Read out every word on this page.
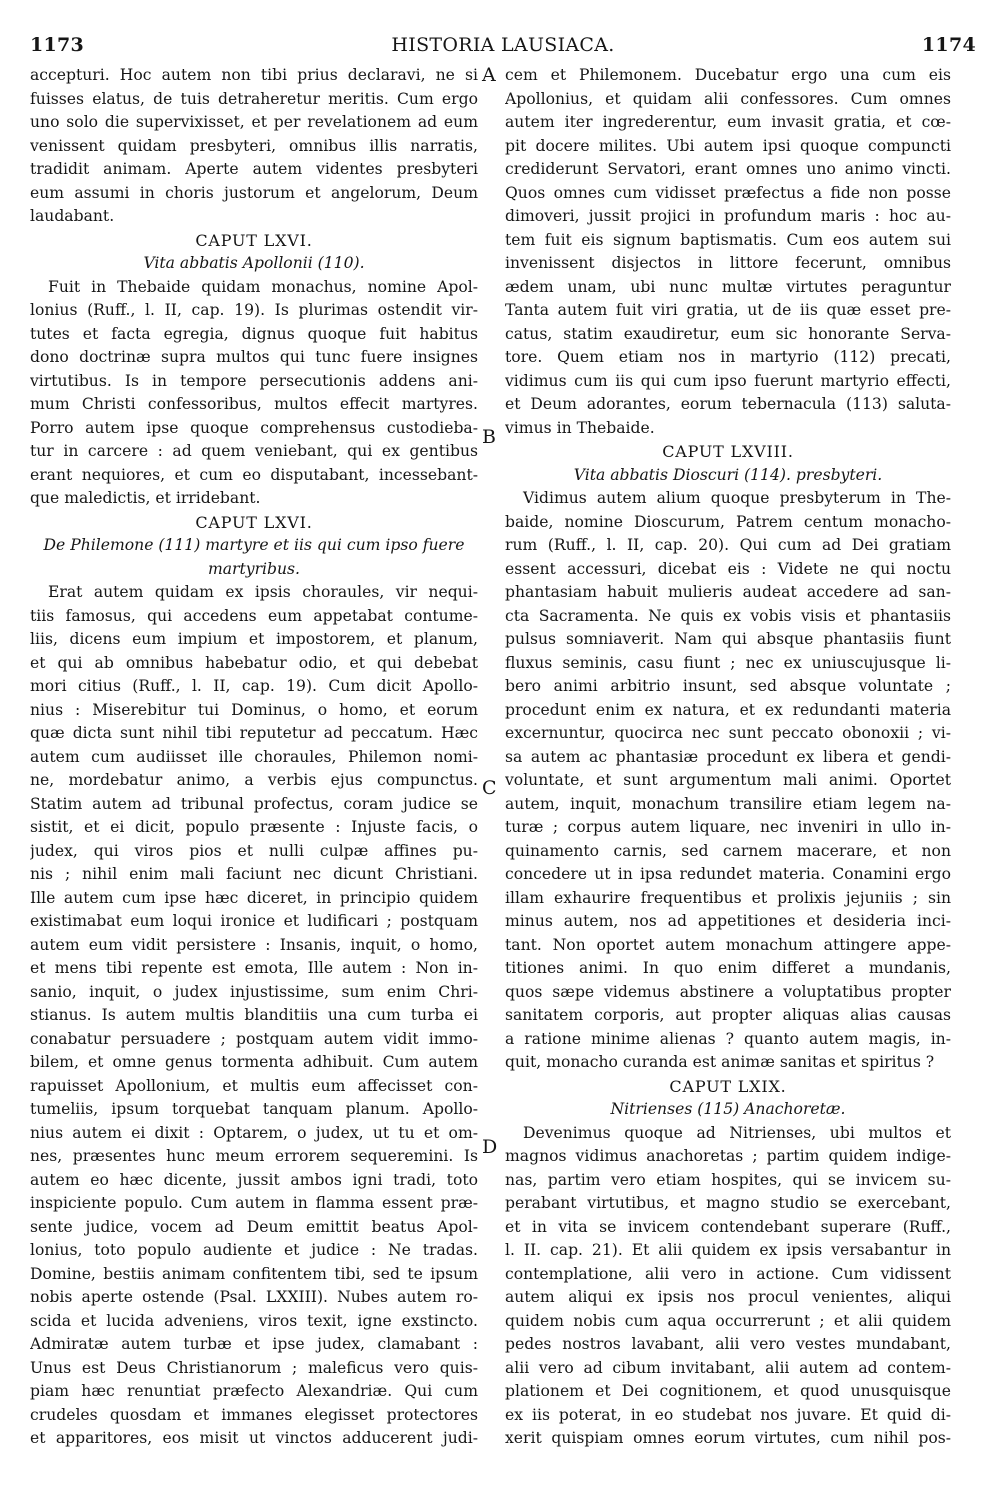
1173	HISTORIA LAUSIACA.	1174
accepturi. Hoc autem non tibi prius declaravi, ne si
fuisses elatus, de tuis detraheretur meritis. Cum ergo
uno solo die supervixisset, et per revelationem ad eum
venissent quidam presbyteri, omnibus illis narratis,
tradidit animam. Aperte autem videntes presbyteri
eum assumi in choris justorum et angelorum, Deum
laudabant.
CAPUT LXVI.
Vita abbatis Apollonii (110).
Fuit in Thebaide quidam monachus, nomine Apol-
lonius (Ruff., l. II, cap. 19). Is plurimas ostendit vir-
tutes et facta egregia, dignus quoque fuit habitus
dono doctrinæ supra multos qui tunc fuere insignes
virtutibus. Is in tempore persecutionis addens ani-
mum Christi confessoribus, multos effecit martyres.
Porro autem ipse quoque comprehensus custodieba-
tur in carcere : ad quem veniebant, qui ex gentibus
erant nequiores, et cum eo disputabant, incessebant-
que maledictis, et irridebant.
CAPUT LXVI.
De Philemone (111) martyre et iis qui cum ipso fuere
martyribus.
Erat autem quidam ex ipsis choraules, vir nequi-
tiis famosus, qui accedens eum appetabat contume-
liis, dicens eum impium et impostorem, et planum,
et qui ab omnibus habebatur odio, et qui debebat
mori citius (Ruff., l. II, cap. 19). Cum dicit Apollo-
nius : Miserebitur tui Dominus, o homo, et eorum
quæ dicta sunt nihil tibi reputetur ad peccatum. Hæc
autem cum audiisset ille choraules, Philemon nomi-
ne, mordebatur animo, a verbis ejus compunctus.
Statim autem ad tribunal profectus, coram judice se
sistit, et ei dicit, populo præsente : Injuste facis, o
judex, qui viros pios et nulli culpæ affines pu-
nis ; nihil enim mali faciunt nec dicunt Christiani.
Ille autem cum ipse hæc diceret, in principio quidem
existimabat eum loqui ironice et ludificari ; postquam
autem eum vidit persistere : Insanis, inquit, o homo,
et mens tibi repente est emota, Ille autem : Non in-
sanio, inquit, o judex injustissime, sum enim Chri-
stianus. Is autem multis blanditiis una cum turba ei
conabatur persuadere ; postquam autem vidit immo-
bilem, et omne genus tormenta adhibuit. Cum autem
rapuisset Apollonium, et multis eum affecisset con-
tumeliis, ipsum torquebat tanquam planum. Apollo-
nius autem ei dixit : Optarem, o judex, ut tu et om-
nes, præsentes hunc meum errorem sequeremini. Is
autem eo hæc dicente, jussit ambos igni tradi, toto
inspiciente populo. Cum autem in flamma essent præ-
sente judice, vocem ad Deum emittit beatus Apol-
lonius, toto populo audiente et judice : Ne tradas.
Domine, bestiis animam confitentem tibi, sed te ipsum
nobis aperte ostende (Psal. LXXIII). Nubes autem ro-
scida et lucida adveniens, viros texit, igne exstincto.
Admiratæ autem turbæ et ipse judex, clamabant :
Unus est Deus Christianorum ; maleficus vero quis-
piam hæc renuntiat præfecto Alexandriæ. Qui cum
crudeles quosdam et immanes elegisset protectores
et apparitores, eos misit ut vinctos adducerent judi-
cem et Philemonem. Ducebatur ergo una cum eis
Apollonius, et quidam alii confessores. Cum omnes
autem iter ingrederentur, eum invasit gratia, et cœ-
pit docere milites. Ubi autem ipsi quoque compuncti
crediderunt Servatori, erant omnes uno animo vincti.
Quos omnes cum vidisset præfectus a fide non posse
dimoveri, jussit projici in profundum maris : hoc au-
tem fuit eis signum baptismatis. Cum eos autem sui
invenissent disjectos in littore fecerunt, omnibus
ædem unam, ubi nunc multæ virtutes peraguntur
Tanta autem fuit viri gratia, ut de iis quæ esset pre-
catus, statim exaudiretur, eum sic honorante Serva-
tore. Quem etiam nos in martyrio (112) precati,
vidimus cum iis qui cum ipso fuerunt martyrio effecti,
et Deum adorantes, eorum tebernacula (113) saluta-
vimus in Thebaide.
CAPUT LXVIII.
Vita abbatis Dioscuri (114). presbyteri.
Vidimus autem alium quoque presbyterum in The-
baide, nomine Dioscurum, Patrem centum monacho-
rum (Ruff., l. II, cap. 20). Qui cum ad Dei gratiam
essent accessuri, dicebat eis : Videte ne qui noctu
phantasiam habuit mulieris audeat accedere ad san-
cta Sacramenta. Ne quis ex vobis visis et phantasiis
pulsus somniaverit. Nam qui absque phantasiis fiunt
fluxus seminis, casu fiunt ; nec ex uniuscujusque li-
bero animi arbitrio insunt, sed absque voluntate ;
procedunt enim ex natura, et ex redundanti materia
excernuntur, quocirca nec sunt peccato obonoxii ; vi-
sa autem ac phantasiæ procedunt ex libera et gendi-
voluntate, et sunt argumentum mali animi. Oportet
autem, inquit, monachum transilire etiam legem na-
turæ ; corpus autem liquare, nec inveniri in ullo in-
quinamento carnis, sed carnem macerare, et non
concedere ut in ipsa redundet materia. Conamini ergo
illam exhaurire frequentibus et prolixis jejuniis ; sin
minus autem, nos ad appetitiones et desideria inci-
tant. Non oportet autem monachum attingere appe-
titiones animi. In quo enim differet a mundanis,
quos sæpe videmus abstinere a voluptatibus propter
sanitatem corporis, aut propter aliquas alias causas
a ratione minime alienas ? quanto autem magis, in-
quit, monacho curanda est animæ sanitas et spiritus ?
CAPUT LXIX.
Nitrienses (115) Anachoretæ.
Devenimus quoque ad Nitrienses, ubi multos et
magnos vidimus anachoretas ; partim quidem indige-
nas, partim vero etiam hospites, qui se invicem su-
perabant virtutibus, et magno studio se exercebant,
et in vita se invicem contendebant superare (Ruff.,
l. II. cap. 21). Et alii quidem ex ipsis versabantur in
contemplatione, alii vero in actione. Cum vidissent
autem aliqui ex ipsis nos procul venientes, aliqui
quidem nobis cum aqua occurrerunt ; et alii quidem
pedes nostros lavabant, alii vero vestes mundabant,
alii vero ad cibum invitabant, alii autem ad contem-
plationem et Dei cognitionem, et quod unusquisque
ex iis poterat, in eo studebat nos juvare. Et quid di-
xerit quispiam omnes eorum virtutes, cum nihil pos-
A
B
C
D
